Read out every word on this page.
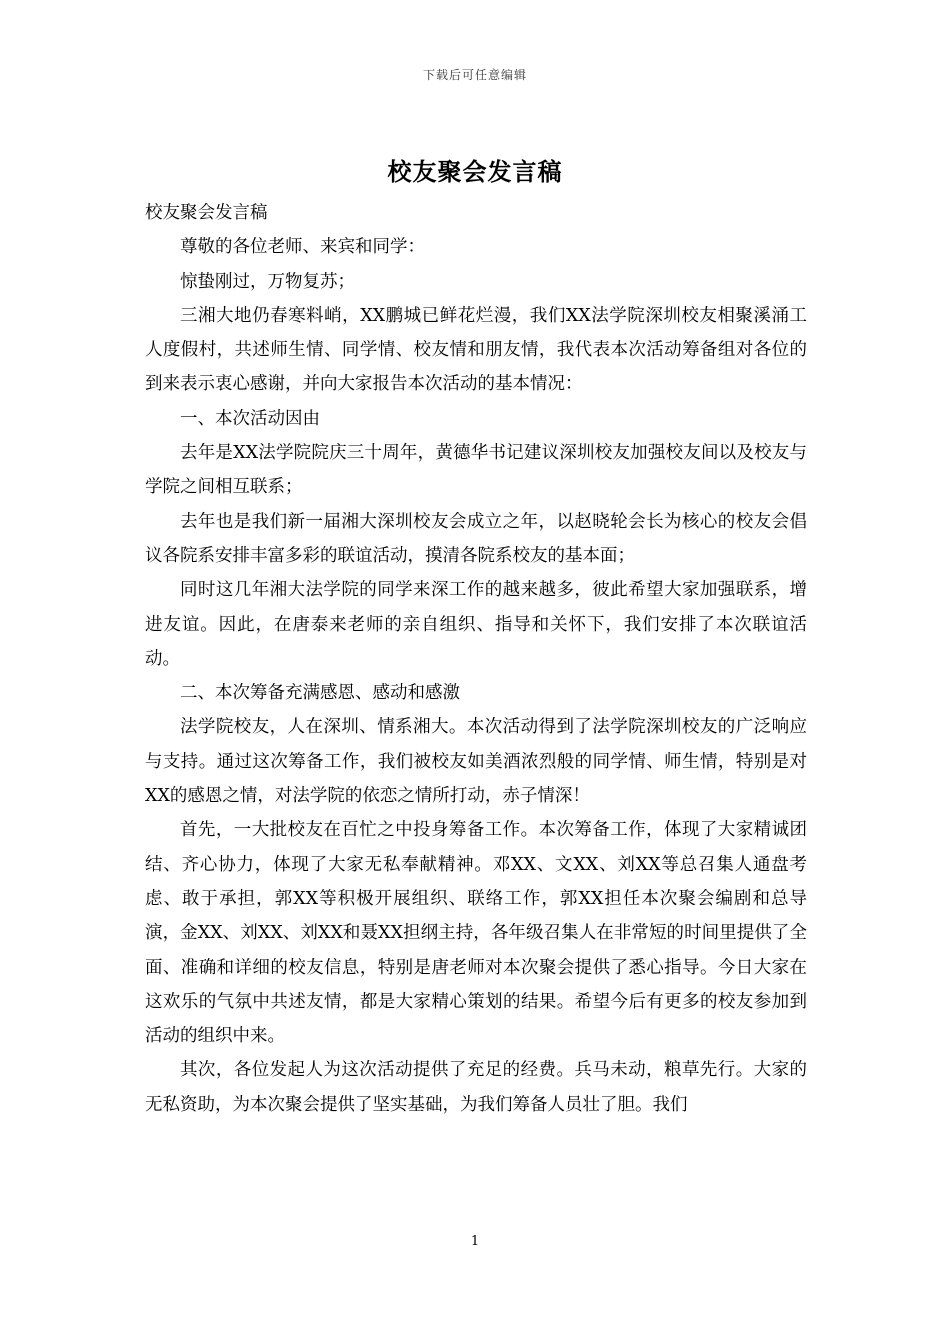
下载后可任意编辑
校友聚会发言稿

校友聚会发言稿

尊敬的各位老师、来宾和同学：

惊蛰刚过，万物复苏；

三湘大地仍春寒料峭，XX鹏城已鲜花烂漫，我们XX法学院深圳校友相聚溪涌工人度假村，共述师生情、同学情、校友情和朋友情，我代表本次活动筹备组对各位的到来表示衷心感谢，并向大家报告本次活动的基本情况：

一、本次活动因由

去年是XX法学院院庆三十周年，黄德华书记建议深圳校友加强校友间以及校友与学院之间相互联系；

去年也是我们新一届湘大深圳校友会成立之年，以赵晓轮会长为核心的校友会倡议各院系安排丰富多彩的联谊活动，摸清各院系校友的基本面；

同时这几年湘大法学院的同学来深工作的越来越多，彼此希望大家加强联系，增进友谊。因此，在唐泰来老师的亲自组织、指导和关怀下，我们安排了本次联谊活动。

二、本次筹备充满感恩、感动和感激

法学院校友，人在深圳、情系湘大。本次活动得到了法学院深圳校友的广泛响应与支持。通过这次筹备工作，我们被校友如美酒浓烈般的同学情、师生情，特别是对XX的感恩之情，对法学院的依恋之情所打动，赤子情深！

首先，一大批校友在百忙之中投身筹备工作。本次筹备工作，体现了大家精诚团结、齐心协力，体现了大家无私奉献精神。邓XX、文XX、刘XX等总召集人通盘考虑、敢于承担，郭XX等积极开展组织、联络工作，郭XX担任本次聚会编剧和总导演，金XX、刘XX、刘XX和聂XX担纲主持，各年级召集人在非常短的时间里提供了全面、准确和详细的校友信息，特别是唐老师对本次聚会提供了悉心指导。今日大家在这欢乐的气氛中共述友情，都是大家精心策划的结果。希望今后有更多的校友参加到活动的组织中来。

其次，各位发起人为这次活动提供了充足的经费。兵马未动，粮草先行。大家的无私资助，为本次聚会提供了坚实基础，为我们筹备人员壮了胆。我们

1
